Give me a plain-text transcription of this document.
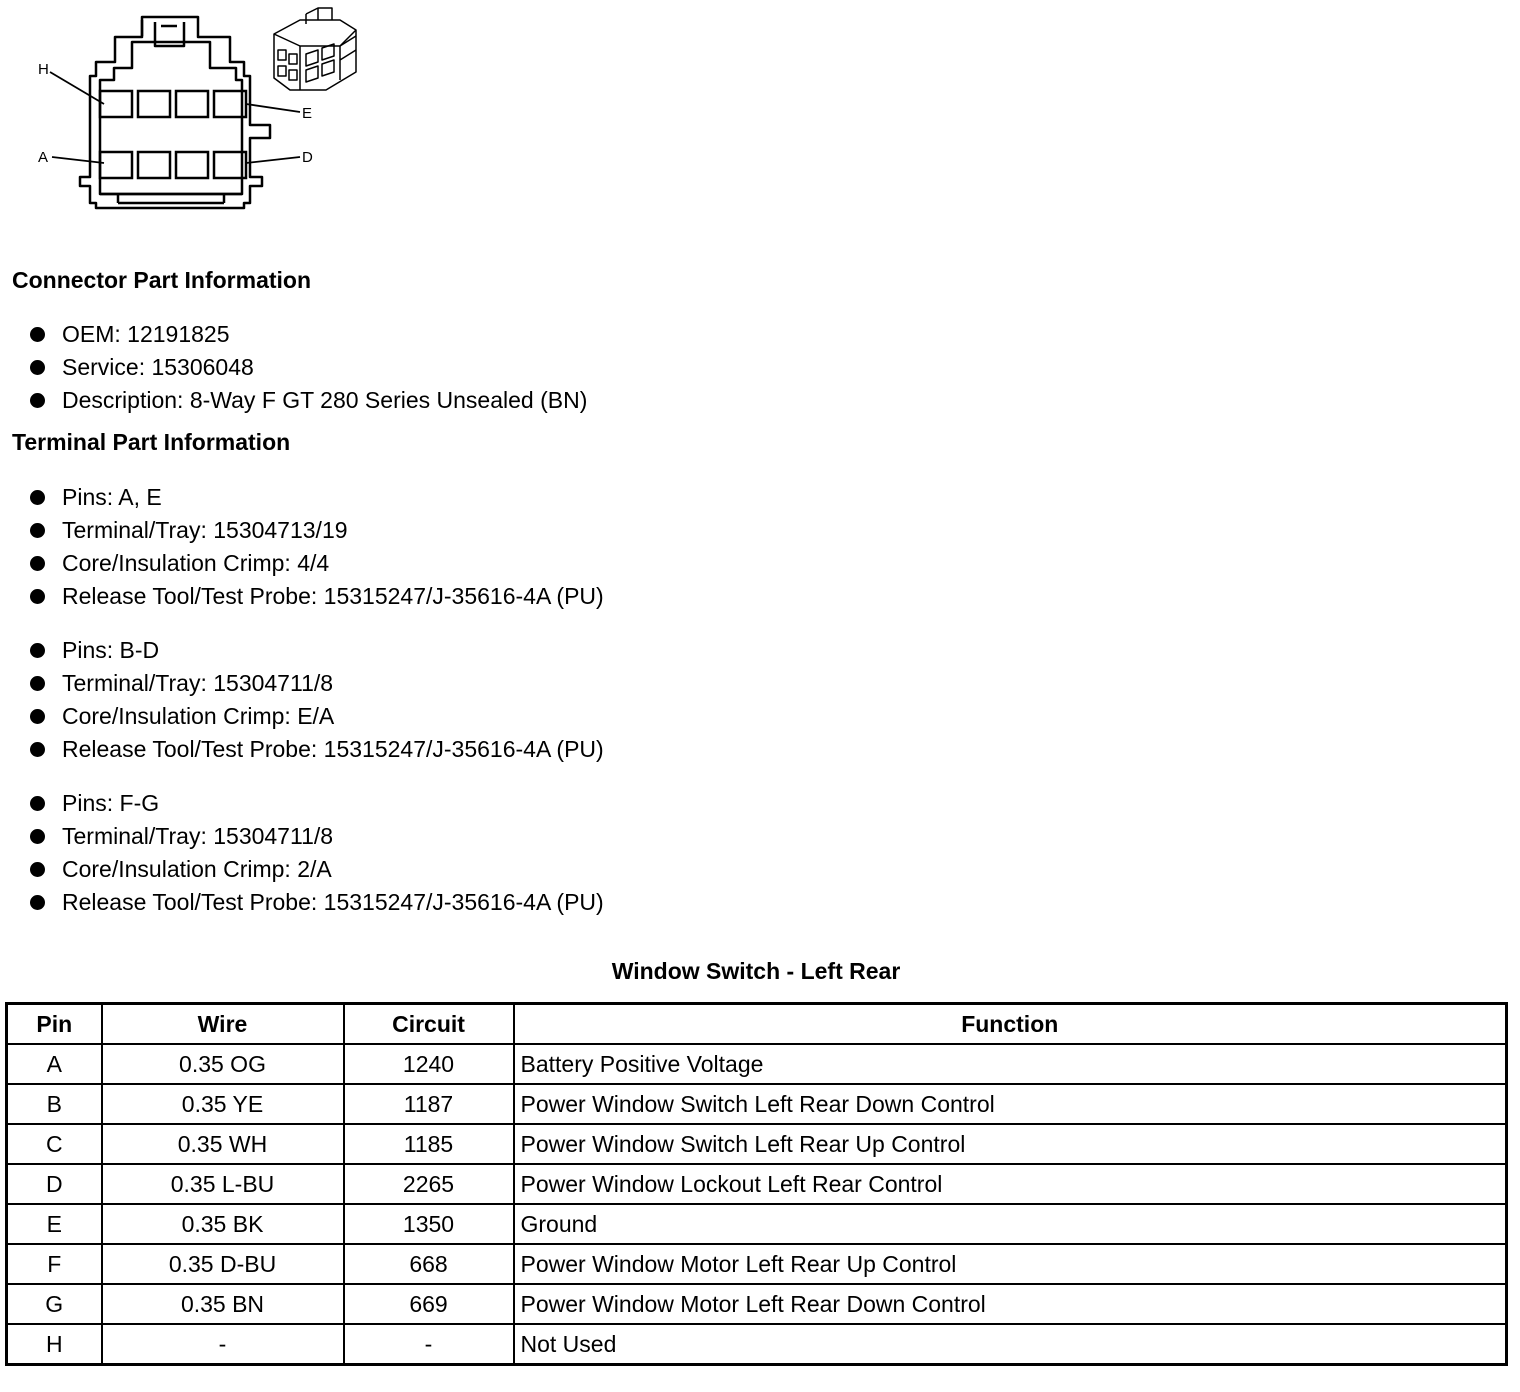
H
E
A	D
Connector Part Information
OEM: 12191825
Service: 15306048
Description: 8-Way F GT 280 Series Unsealed (BN)
Terminal Part Information
Pins: A, E
Terminal/Tray: 15304713/19
Core/Insulation Crimp: 4/4
Release Tool/Test Probe: 15315247/J-35616-4A (PU)
Pins: B-D
Terminal/Tray: 15304711/8
Core/Insulation Crimp: E/A
Release Tool/Test Probe: 15315247/J-35616-4A (PU)
Pins: F-G
Terminal/Tray: 15304711/8
Core/Insulation Crimp: 2/A
Release Tool/Test Probe: 15315247/J-35616-4A (PU)
Window Switch - Left Rear
Pin	Wire	Circuit	Function
A	0.35 OG	1240	Battery Positive Voltage
B	0.35 YE	1187	Power Window Switch Left Rear Down Control
C	0.35 WH	1185	Power Window Switch Left Rear Up Control
D	0.35 L-BU	2265	Power Window Lockout Left Rear Control
E	0.35 BK	1350	Ground
F	0.35 D-BU	668	Power Window Motor Left Rear Up Control
G	0.35 BN	669	Power Window Motor Left Rear Down Control
H	-	-	Not Used
